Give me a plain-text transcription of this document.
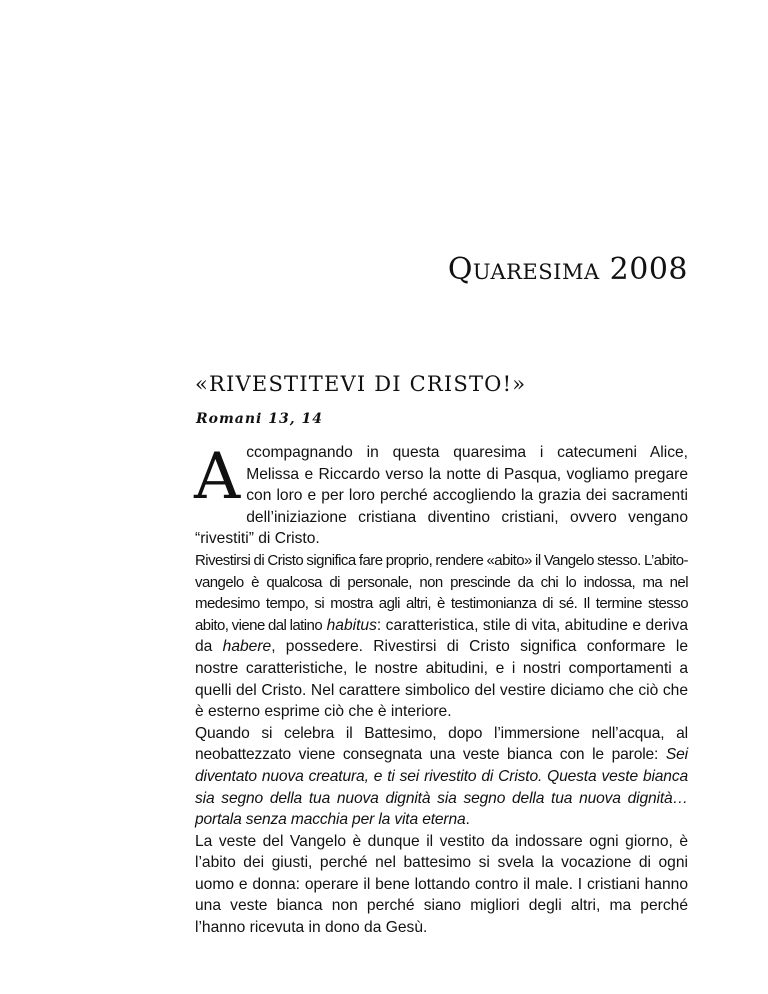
Quaresima 2008
«RIVESTITEVI DI CRISTO!»

Romani 13, 14

Accompagnando in questa quaresima i catecumeni Alice, Melissa e Riccardo verso la notte di Pasqua, vogliamo pregare con loro e per loro perché accogliendo la grazia dei sacramenti dell’iniziazione cristiana diventino cristiani, ovvero vengano “rivestiti” di Cristo.

Rivestirsi di Cristo significa fare proprio, rendere «abito» il Vangelo stesso. L’abito-vangelo è qualcosa di personale, non prescinde da chi lo indossa, ma nel medesimo tempo, si mostra agli altri, è testimonianza di sé. Il termine stesso abito, viene dal latino habitus: caratteristica, stile di vita, abitudine e deriva da habere, possedere. Rivestirsi di Cristo significa conformare le nostre caratteristiche, le nostre abitudini, e i nostri comportamenti a quelli del Cristo. Nel carattere simbolico del vestire diciamo che ciò che è esterno esprime ciò che è interiore.

Quando si celebra il Battesimo, dopo l’immersione nell’acqua, al neobattezzato viene consegnata una veste bianca con le parole: Sei diventato nuova creatura, e ti sei rivestito di Cristo. Questa veste bianca sia segno della tua nuova dignità sia segno della tua nuova dignità… portala senza macchia per la vita eterna.

La veste del Vangelo è dunque il vestito da indossare ogni giorno, è l’abito dei giusti, perché nel battesimo si svela la vocazione di ogni uomo e donna: operare il bene lottando contro il male. I cristiani hanno una veste bianca non perché siano migliori degli altri, ma perché l’hanno ricevuta in dono da Gesù.
